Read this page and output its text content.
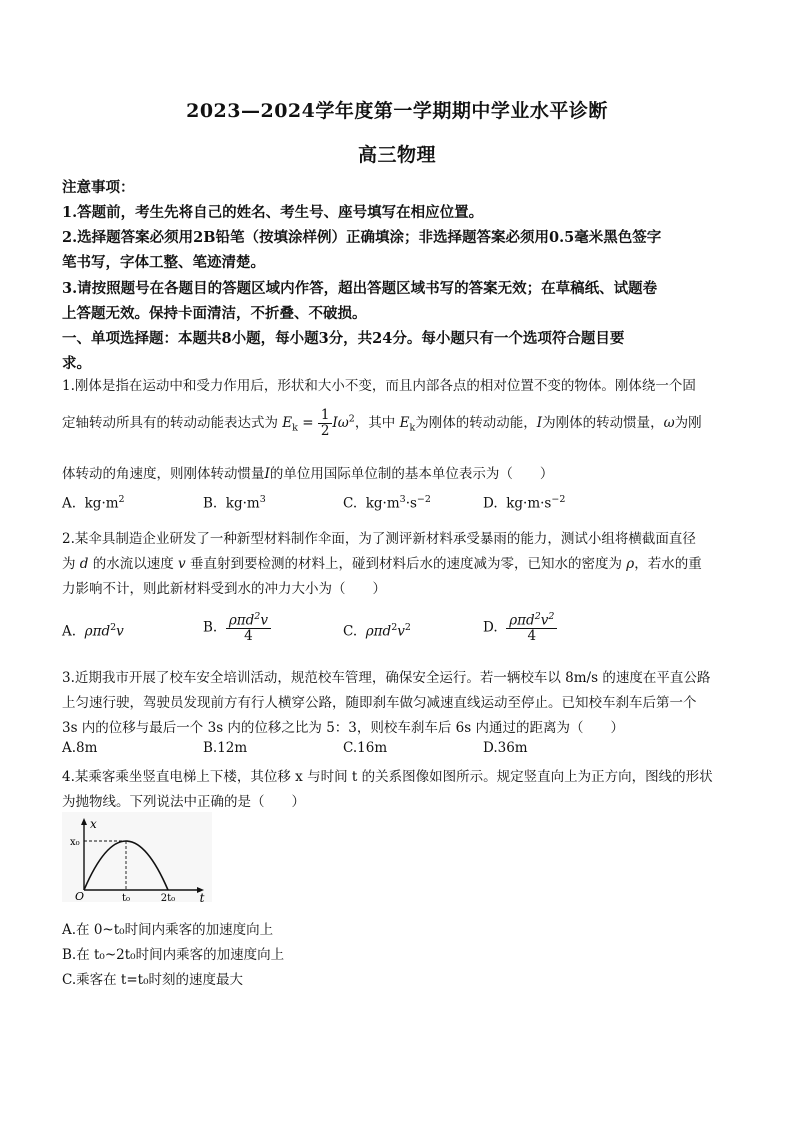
2023—2024学年度第一学期期中学业水平诊断
高三物理
注意事项：
1.答题前，考生先将自己的姓名、考生号、座号填写在相应位置。
2.选择题答案必须用2B铅笔（按填涂样例）正确填涂；非选择题答案必须用0.5毫米黑色签字
笔书写，字体工整、笔迹清楚。
3.请按照题号在各题目的答题区域内作答，超出答题区域书写的答案无效；在草稿纸、试题卷
上答题无效。保持卡面清洁，不折叠、不破损。
一、单项选择题：本题共8小题，每小题3分，共24分。每小题只有一个选项符合题目要
求。
1.刚体是指在运动中和受力作用后，形状和大小不变，而且内部各点的相对位置不变的物体。刚体绕一个固
定轴转动所具有的转动动能表达式为 $E_k = \frac{1}{2} I\omega^2$，其中 $E_k$为刚体的转动动能，I为刚体的转动惯量，ω为刚
体转动的角速度，则刚体转动惯量I的单位用国际单位制的基本单位表示为（　　）
A.  $kg\cdot m^2$	B.  $kg\cdot m^3$	C.  $kg\cdot m^3\cdot s^{-2}$	D.  $kg\cdot m\cdot s^{-2}$
2.某伞具制造企业研发了一种新型材料制作伞面，为了测评新材料承受暴雨的能力，测试小组将横截面直径
为 d 的水流以速度 v 垂直射到要检测的材料上，碰到材料后水的速度减为零，已知水的密度为 ρ，若水的重
力影响不计，则此新材料受到水的冲力大小为（　　）
A. ρπd$^2$v	B. $\frac{\rho\pi d^2v}{4}$	C. $\rho\pi d^2v^2$	D. $\frac{\rho\pi d^2v^2}{4}$
3.近期我市开展了校车安全培训活动，规范校车管理，确保安全运行。若一辆校车以 8m/s 的速度在平直公路
上匀速行驶，驾驶员发现前方有行人横穿公路，随即刹车做匀减速直线运动至停止。已知校车刹车后第一个
3s 内的位移与最后一个 3s 内的位移之比为 5：3，则校车刹车后 6s 内通过的距离为（　　）
A.8m	B.12m	C.16m	D.36m
4.某乘客乘坐竖直电梯上下楼，其位移 x 与时间 t 的关系图像如图所示。规定竖直向上为正方向，图线的形状
为抛物线。下列说法中正确的是（　　）
x
t
x₀
O	t₀	2t₀
A.在 0~t₀时间内乘客的加速度向上
B.在 t₀~2t₀时间内乘客的加速度向上
C.乘客在 t=t₀时刻的速度最大
